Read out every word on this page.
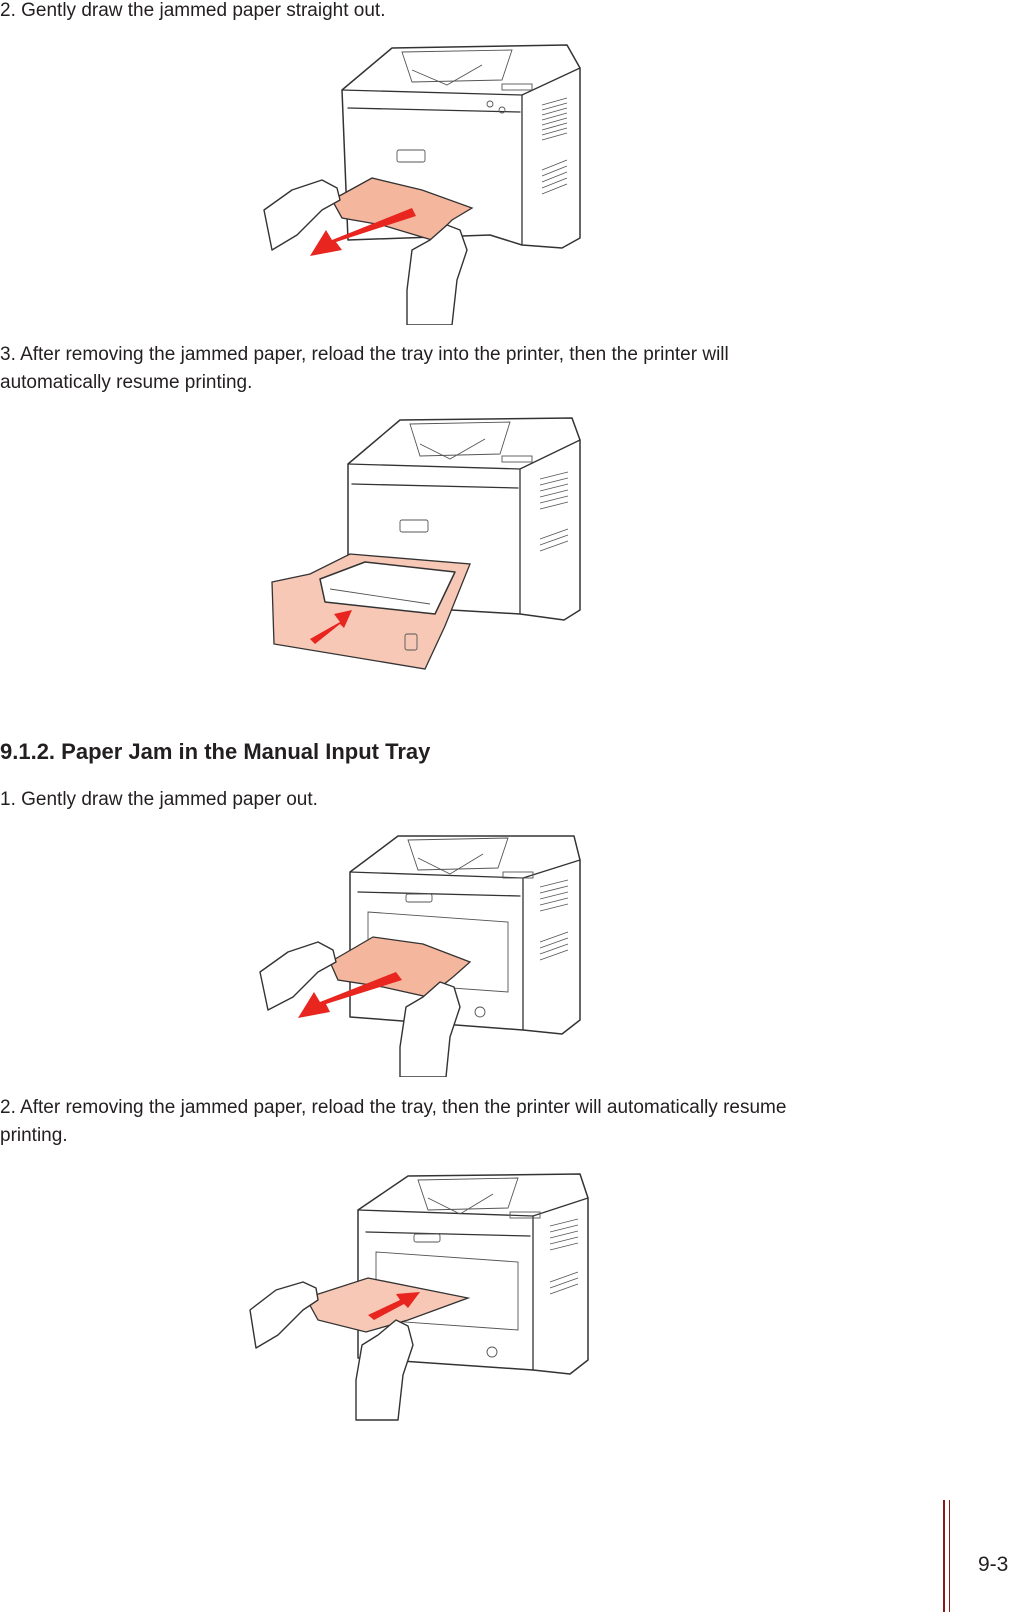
2. Gently draw the jammed paper straight out.

3. After removing the jammed paper, reload the tray into the printer, then the printer will

automatically resume printing.

9.1.2. Paper Jam in the Manual Input Tray

1. Gently draw the jammed paper out.

2. After removing the jammed paper, reload the tray, then the printer will automatically resume

printing.

9-3
